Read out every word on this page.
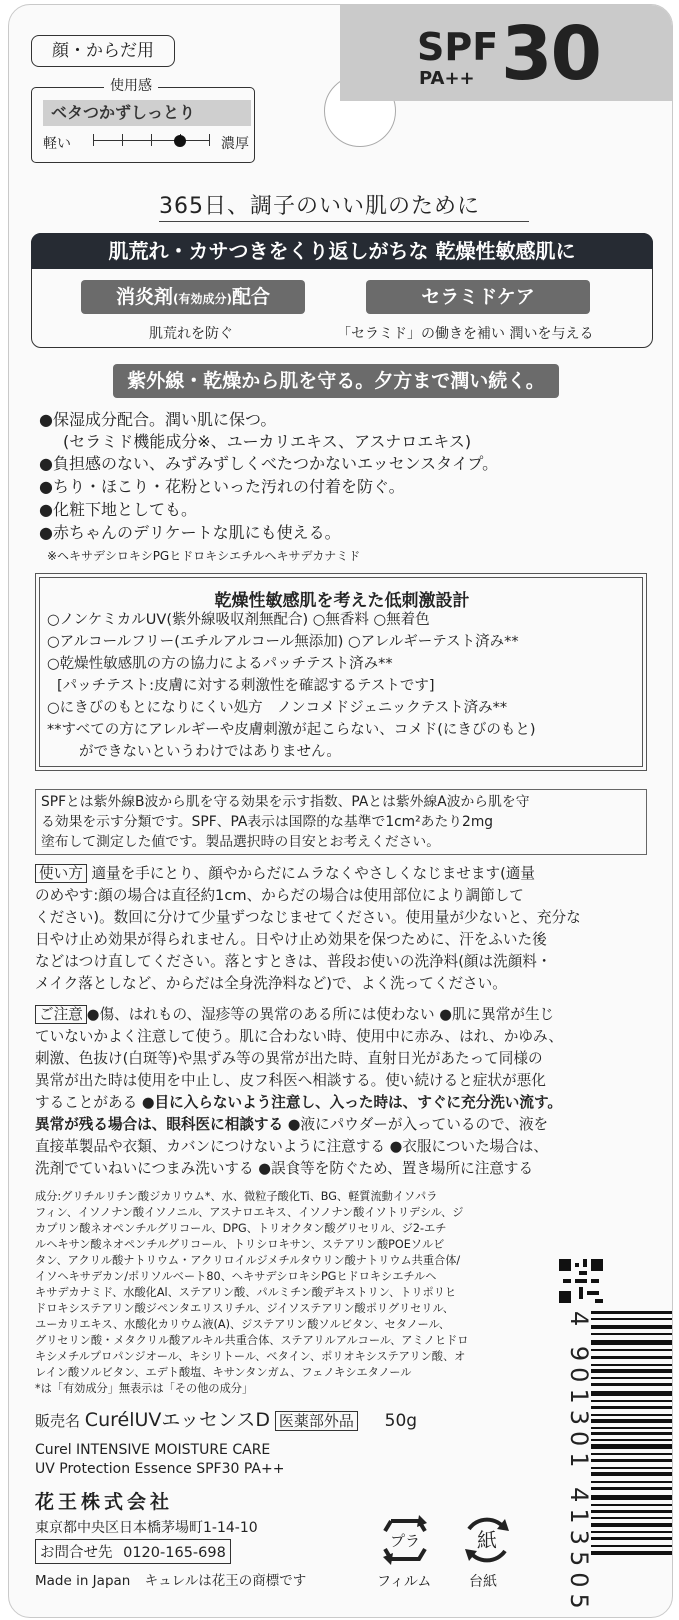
顔・からだ用
使用感
ベタつかずしっとり
軽い	濃厚
SPF
PA++ 30
365日、調子のいい肌のために
肌荒れ・カサつきをくり返しがちな 乾燥性敏感肌に
消炎剤(有効成分)配合	セラミドケア
肌荒れを防ぐ	「セラミド」の働きを補い 潤いを与える
紫外線・乾燥から肌を守る。夕方まで潤い続く。
●保湿成分配合。潤い肌に保つ。
(セラミド機能成分※、ユーカリエキス、アスナロエキス)
●負担感のない、みずみずしくべたつかないエッセンスタイプ。
●ちり・ほこり・花粉といった汚れの付着を防ぐ。
●化粧下地としても。
●赤ちゃんのデリケートな肌にも使える。
※ヘキサデシロキシPGヒドロキシエチルヘキサデカナミド
乾燥性敏感肌を考えた低刺激設計
○ノンケミカルUV(紫外線吸収剤無配合) ○無香料 ○無着色
○アルコールフリー(エチルアルコール無添加) ○アレルギーテスト済み**
○乾燥性敏感肌の方の協力によるパッチテスト済み**
[パッチテスト:皮膚に対する刺激性を確認するテストです]
○にきびのもとになりにくい処方　ノンコメドジェニックテスト済み**
**すべての方にアレルギーや皮膚刺激が起こらない、コメド(にきびのもと)
ができないというわけではありません。
SPFとは紫外線B波から肌を守る効果を示す指数、PAとは紫外線A波から肌を守
る効果を示す分類です。SPF、PA表示は国際的な基準で1cm²あたり2mg
塗布して測定した値です。製品選択時の目安とお考えください。
使い方 適量を手にとり、顔やからだにムラなくやさしくなじませます(適量
のめやす:顔の場合は直径約1cm、からだの場合は使用部位により調節して
ください)。数回に分けて少量ずつなじませてください。使用量が少ないと、充分な
日やけ止め効果が得られません。日やけ止め効果を保つために、汗をふいた後
などはつけ直してください。落とすときは、普段お使いの洗浄料(顔は洗顔料・
メイク落としなど、からだは全身洗浄料など)で、よく洗ってください。
ご注意 ●傷、はれもの、湿疹等の異常のある所には使わない ●肌に異常が生じ
ていないかよく注意して使う。肌に合わない時、使用中に赤み、はれ、かゆみ、
刺激、色抜け(白斑等)や黒ずみ等の異常が出た時、直射日光があたって同様の
異常が出た時は使用を中止し、皮フ科医へ相談する。使い続けると症状が悪化
することがある ●目に入らないよう注意し、入った時は、すぐに充分洗い流す。
異常が残る場合は、眼科医に相談する ●液にパウダーが入っているので、液を
直接革製品や衣類、カバンにつけないように注意する ●衣服についた場合は、
洗剤でていねいにつまみ洗いする ●誤食等を防ぐため、置き場所に注意する
成分:グリチルリチン酸ジカリウム*、水、微粒子酸化Ti、BG、軽質流動イソパラ
フィン、イソノナン酸イソノニル、アスナロエキス、イソノナン酸イソトリデシル、ジ
カプリン酸ネオペンチルグリコール、DPG、トリオクタン酸グリセリル、ジ2-エチ
ルヘキサン酸ネオペンチルグリコール、トリシロキサン、ステアリン酸POEソルビ
タン、アクリル酸ナトリウム・アクリロイルジメチルタウリン酸ナトリウム共重合体/
イソヘキサデカン/ポリソルベート80、ヘキサデシロキシPGヒドロキシエチルヘ
キサデカナミド、水酸化Al、ステアリン酸、パルミチン酸デキストリン、トリポリヒ
ドロキシステアリン酸ジペンタエリスリチル、ジイソステアリン酸ポリグリセリル、
ユーカリエキス、水酸化カリウム液(A)、ジステアリン酸ソルビタン、セタノール、
グリセリン酸・メタクリル酸アルキル共重合体、ステアリルアルコール、アミノヒドロ
キシメチルプロパンジオール、キシリトール、ベタイン、ポリオキシステアリン酸、オ
レイン酸ソルビタン、エデト酸塩、キサンタンガム、フェノキシエタノール
*は「有効成分」無表示は「その他の成分」	4 901301 413505
販売名 CurélUVエッセンスD 医薬部外品 50g
Curel INTENSIVE MOISTURE CARE
UV Protection Essence SPF30 PA++
花王株式会社
東京都中央区日本橋茅場町1-14-10
お問合せ先 0120-165-698
Made in Japan キュレルは花王の商標です
プラ
フィルム
紙
台紙
